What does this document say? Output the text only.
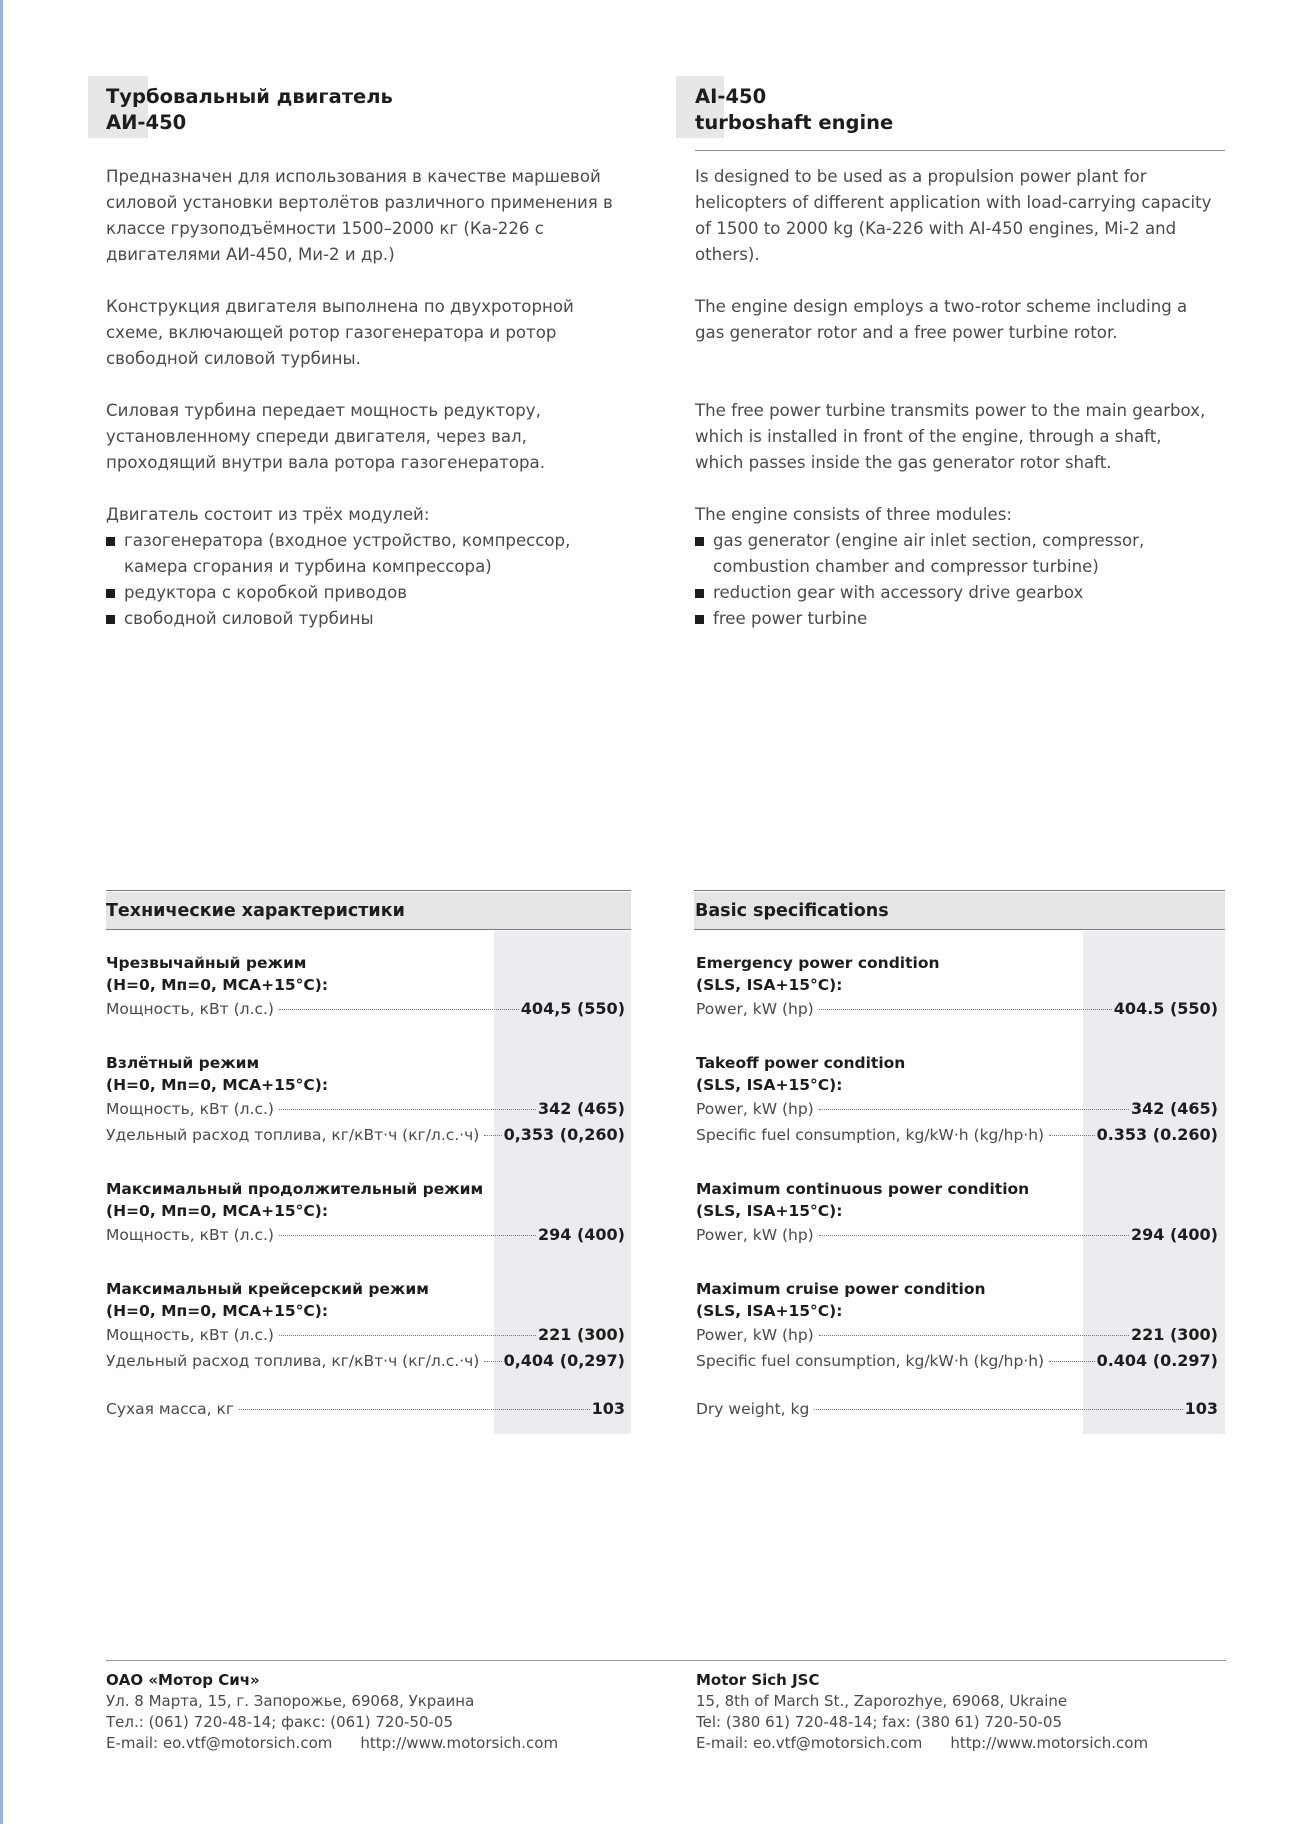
Турбовальный двигатель
АИ-450
AI-450
turboshaft engine

Предназначен для использования в качестве маршевой силовой установки вертолётов различного применения в классе грузоподъёмности 1500–2000 кг (Ка-226 с двигателями АИ-450, Ми-2 и др.)

Конструкция двигателя выполнена по двухроторной схеме, включающей ротор газогенератора и ротор свободной силовой турбины.

Силовая турбина передает мощность редуктору, установленному спереди двигателя, через вал, проходящий внутри вала ротора газогенератора.

Двигатель состоит из трёх модулей:

газогенератора (входное устройство, компрессор, камера сгорания и турбина компрессора)
редуктора с коробкой приводов
свободной силовой турбины

Is designed to be used as a propulsion power plant for helicopters of different application with load-carrying capacity of 1500 to 2000 kg (Ka-226 with AI-450 engines, Mi-2 and others).

The engine design employs a two-rotor scheme including a gas generator rotor and a free power turbine rotor.

The free power turbine transmits power to the main gearbox, which is installed in front of the engine, through a shaft, which passes inside the gas generator rotor shaft.

The engine consists of three modules:

gas generator (engine air inlet section, compressor, combustion chamber and compressor turbine)
reduction gear with accessory drive gearbox
free power turbine
Технические характеристики
Чрезвычайный режим
(H=0, Mп=0, MCA+15°C):
Мощность, кВт (л.с.)	404,5 (550)
Взлётный режим
(H=0, Mп=0, MCA+15°C):
Мощность, кВт (л.с.)	342 (465)
Удельный расход топлива, кг/кВт·ч (кг/л.с.·ч) 0,353 (0,260)
Максимальный продолжительный режим
(H=0, Mп=0, MCA+15°C):
Мощность, кВт (л.с.)	294 (400)
Максимальный крейсерский режим
(H=0, Mп=0, MCA+15°C):
Мощность, кВт (л.с.)	221 (300)
Удельный расход топлива, кг/кВт·ч (кг/л.с.·ч) 0,404 (0,297)
Сухая масса, кг	103
Basic specifications
Emergency power condition
(SLS, ISA+15°C):
Power, kW (hp)	404.5 (550)
Takeoff power condition
(SLS, ISA+15°C):
Power, kW (hp)	342 (465)
Specific fuel consumption, kg/kW·h (kg/hp·h)	0.353 (0.260)
Maximum continuous power condition
(SLS, ISA+15°C):
Power, kW (hp)	294 (400)
Maximum cruise power condition
(SLS, ISA+15°C):
Power, kW (hp)	221 (300)
Specific fuel consumption, kg/kW·h (kg/hp·h)	0.404 (0.297)
Dry weight, kg	103
ОАО «Мотор Сич»
Ул. 8 Марта, 15, г. Запорожье, 69068, Украина
Тел.: (061) 720-48-14; факс: (061) 720-50-05
E-mail: eo.vtf@motorsich.com http://www.motorsich.com
Motor Sich JSC
15, 8th of March St., Zaporozhye, 69068, Ukraine
Tel: (380 61) 720-48-14; fax: (380 61) 720-50-05
E-mail: eo.vtf@motorsich.com http://www.motorsich.com
